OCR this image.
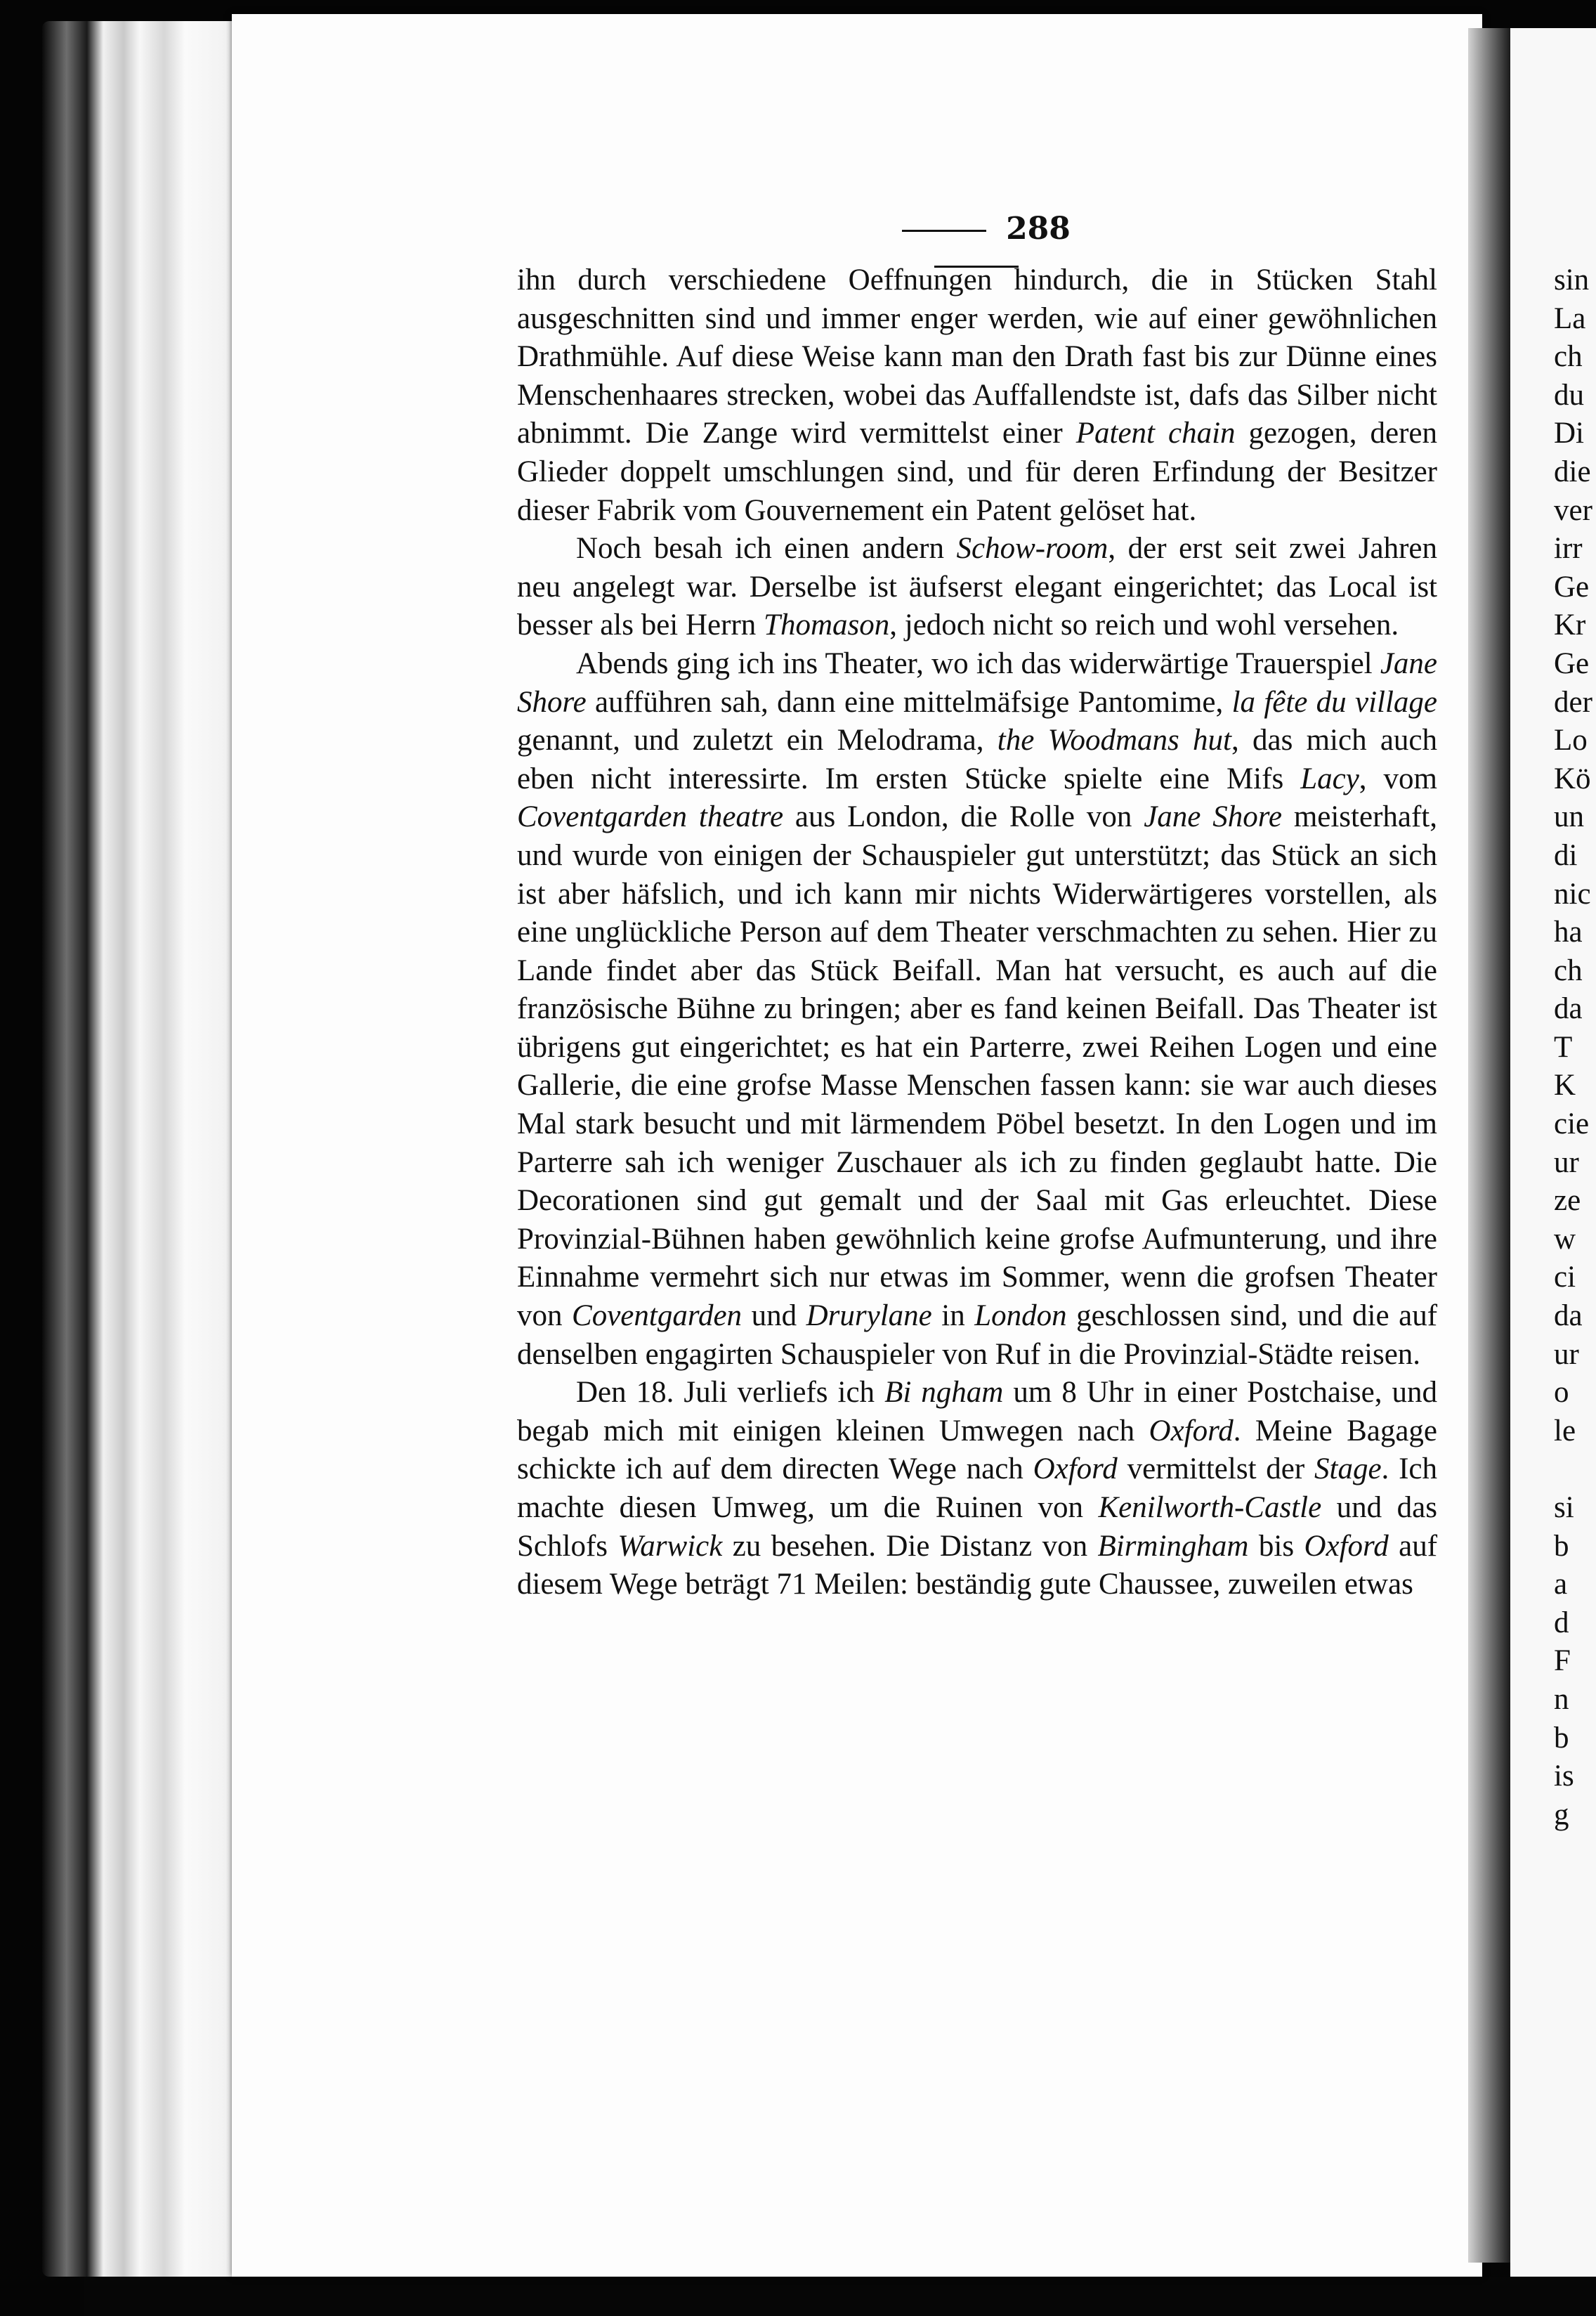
288

ihn durch verschiedene Oeffnungen hindurch, die in Stücken Stahl ausgeschnitten sind und immer enger werden, wie auf einer gewöhnlichen Drathmühle. Auf diese Weise kann man den Drath fast bis zur Dünne eines Menschenhaares strecken, wobei das Auffallendste ist, dafs das Silber nicht abnimmt. Die Zange wird vermittelst einer Patent chain gezogen, deren Glieder doppelt umschlungen sind, und für deren Erfindung der Besitzer dieser Fabrik vom Gouvernement ein Patent gelöset hat.

Noch besah ich einen andern Schow-room, der erst seit zwei Jahren neu angelegt war. Derselbe ist äufserst elegant eingerichtet; das Local ist besser als bei Herrn Thomason, jedoch nicht so reich und wohl versehen.

Abends ging ich ins Theater, wo ich das widerwärtige Trauerspiel Jane Shore aufführen sah, dann eine mittelmäfsige Pantomime, la fête du village genannt, und zuletzt ein Melodrama, the Woodmans hut, das mich auch eben nicht interessirte. Im ersten Stücke spielte eine Mifs Lacy, vom Coventgarden theatre aus London, die Rolle von Jane Shore meisterhaft, und wurde von einigen der Schauspieler gut unterstützt; das Stück an sich ist aber häfslich, und ich kann mir nichts Widerwärtigeres vorstellen, als eine unglückliche Person auf dem Theater verschmachten zu sehen. Hier zu Lande findet aber das Stück Beifall. Man hat versucht, es auch auf die französische Bühne zu bringen; aber es fand keinen Beifall. Das Theater ist übrigens gut eingerichtet; es hat ein Parterre, zwei Reihen Logen und eine Gallerie, die eine grofse Masse Menschen fassen kann: sie war auch dieses Mal stark besucht und mit lärmendem Pöbel besetzt. In den Logen und im Parterre sah ich weniger Zuschauer als ich zu finden geglaubt hatte. Die Decorationen sind gut gemalt und der Saal mit Gas erleuchtet. Diese Provinzial-Bühnen haben gewöhnlich keine grofse Aufmunterung, und ihre Einnahme vermehrt sich nur etwas im Sommer, wenn die grofsen Theater von Coventgarden und Drurylane in London geschlossen sind, und die auf denselben engagirten Schauspieler von Ruf in die Provinzial-Städte reisen.

Den 18. Juli verliefs ich Bi ngham um 8 Uhr in einer Postchaise, und begab mich mit einigen kleinen Umwegen nach Oxford. Meine Bagage schickte ich auf dem directen Wege nach Oxford vermittelst der Stage. Ich machte diesen Umweg, um die Ruinen von Kenilworth-Castle und das Schlofs Warwick zu besehen. Die Distanz von Birmingham bis Oxford auf diesem Wege beträgt 71 Meilen: beständig gute Chaussee, zuweilen etwas

sin
La
ch
du
Di
die
ver
irr
Ge
Kr
Ge
der
Lo
Kö
un
di
nic
ha
ch
da
T
K
cie
ur
ze
w
ci
da
ur
o
le
si
b
a
d
F
n
b
is
g
